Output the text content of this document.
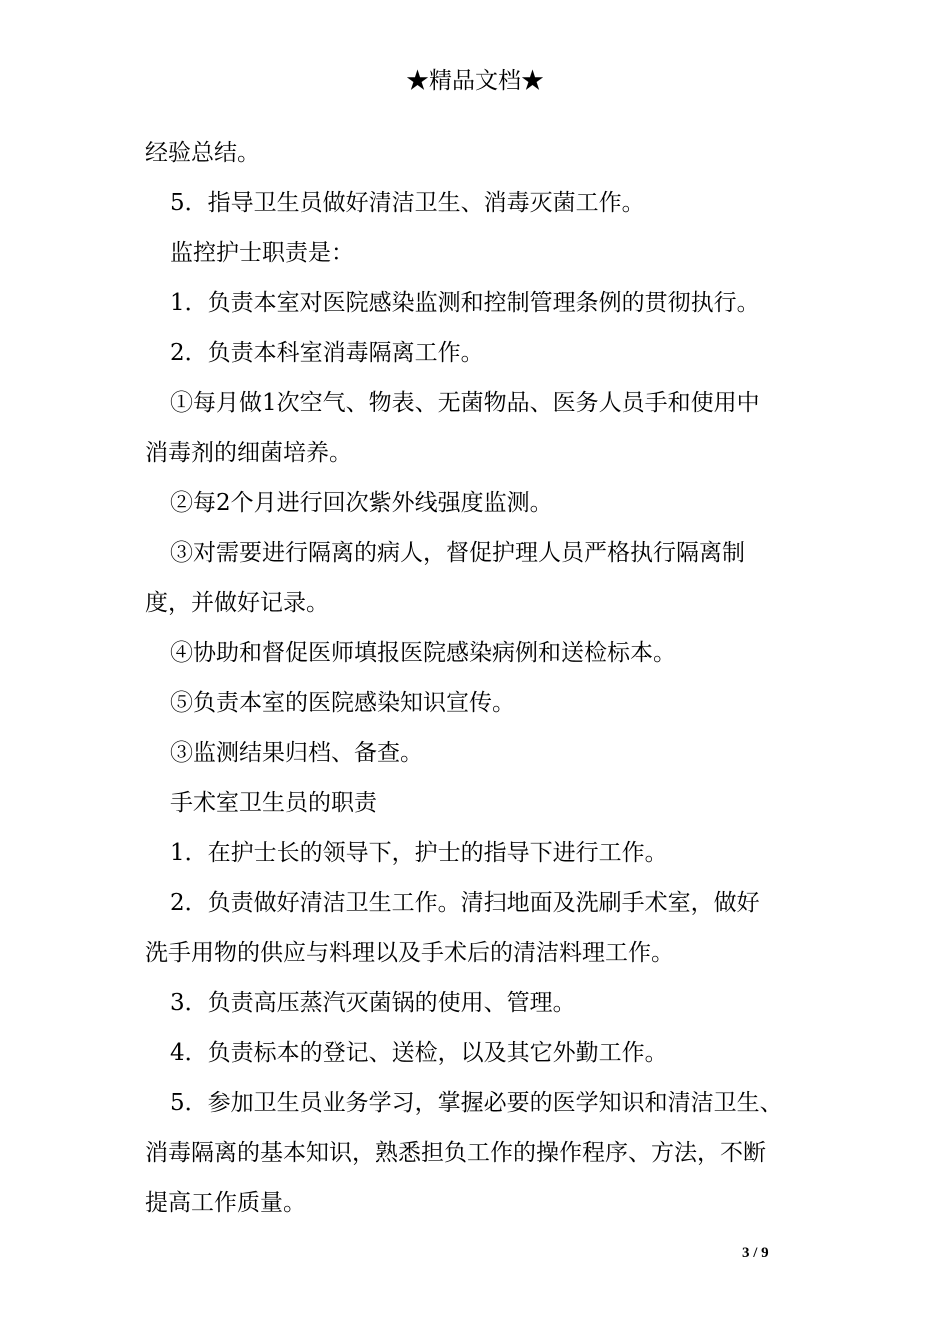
★精品文档★
经验总结。
5．指导卫生员做好清洁卫生、消毒灭菌工作。
监控护士职责是：
1．负责本室对医院感染监测和控制管理条例的贯彻执行。
2．负责本科室消毒隔离工作。
①每月做1次空气、物表、无菌物品、医务人员手和使用中
消毒剂的细菌培养。
②每2个月进行回次紫外线强度监测。
③对需要进行隔离的病人，督促护理人员严格执行隔离制
度，并做好记录。
④协助和督促医师填报医院感染病例和送检标本。
⑤负责本室的医院感染知识宣传。
③监测结果归档、备查。
手术室卫生员的职责
1．在护士长的领导下，护士的指导下进行工作。
2．负责做好清洁卫生工作。清扫地面及洗刷手术室，做好
洗手用物的供应与料理以及手术后的清洁料理工作。
3．负责高压蒸汽灭菌锅的使用、管理。
4．负责标本的登记、送检，以及其它外勤工作。
5．参加卫生员业务学习，掌握必要的医学知识和清洁卫生、
消毒隔离的基本知识，熟悉担负工作的操作程序、方法，不断
提高工作质量。
3 / 9
